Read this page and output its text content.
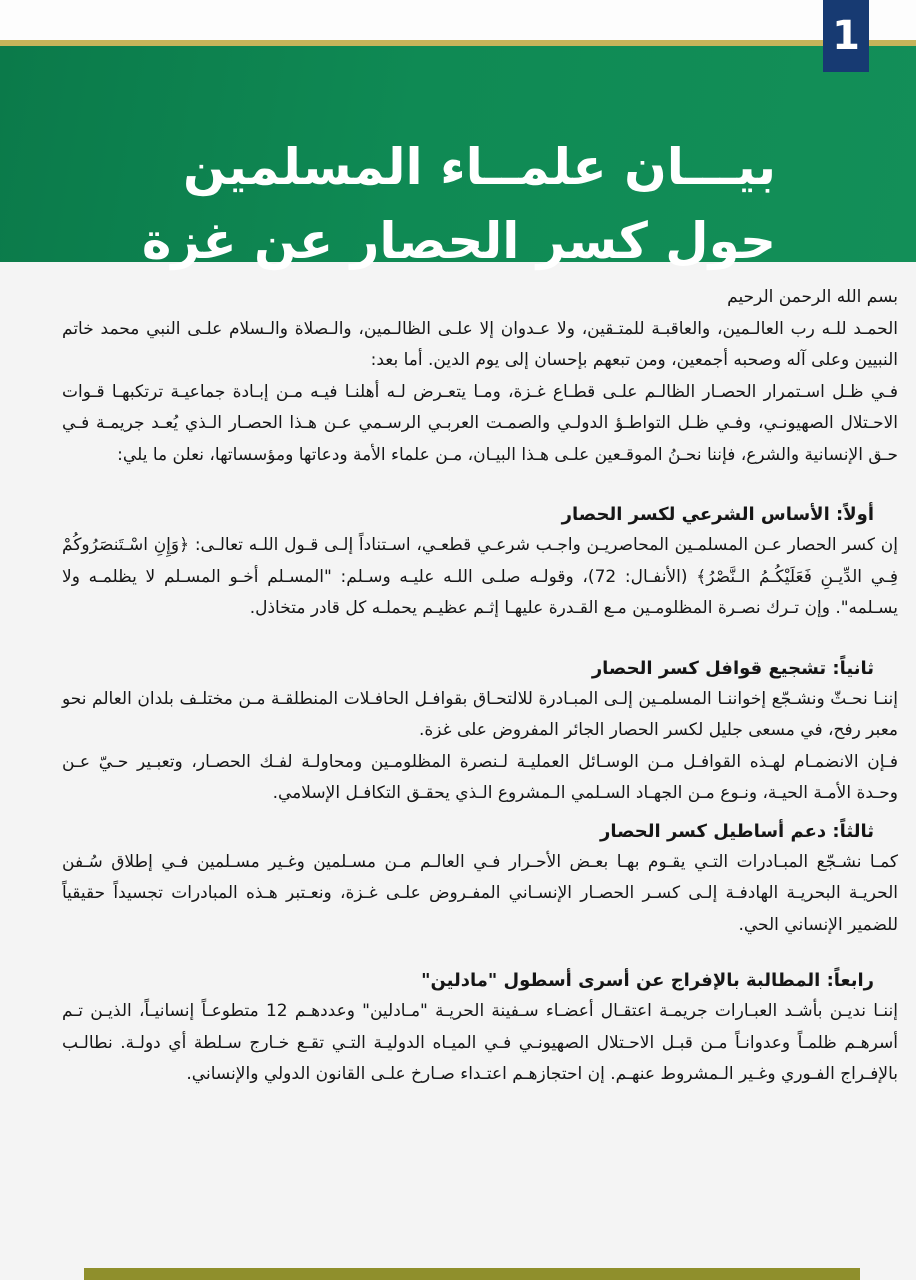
بيـــان علمــاء المسلمين
حول كسر الحصار عن غزة
1

بسم الله الرحمن الرحيم

الحمـد للـه رب العالـمين، والعاقبـة للمتـقين، ولا عـدوان إلا علـى الظالـمين، والـصلاة والـسلام علـى النبي محمد خاتم النبيين وعلى آله وصحبه أجمعين، ومن تبعهم بإحسان إلى يوم الدين. أما بعد:

فـي ظـل اسـتمرار الحصـار الظالـم علـى قطـاع غـزة، ومـا يتعـرض لـه أهلنـا فيـه مـن إبـادة جماعيـة ترتكبهـا قـوات الاحـتلال الصهيونـي، وفـي ظـل التواطـؤ الدولـي والصمـت العربـي الرسـمي عـن هـذا الحصـار الـذي يُعـد جريمـة فـي حـق الإنسانية والشرع، فإننا نحـنُ الموقـعين علـى هـذا البيـان، مـن علماء الأمة ودعاتها ومؤسساتها، نعلن ما يلي:

أولاً: الأساس الشرعي لكسر الحصار

إن كسر الحصار عـن المسلمـين المحاصريـن واجـب شرعـي قطعـي، اسـتناداً إلـى قـول اللـه تعالـى: ﴿وَإِنِ اسْـتَنصَرُوكُمْ فِـي الدِّيـنِ فَعَلَيْكُـمُ الـنَّصْرُ﴾ (الأنفـال: 72)، وقولـه صلـى اللـه عليـه وسـلم: "المسـلم أخـو المسـلم لا يظلمـه ولا يسـلمه". وإن تـرك نصـرة المظلومـين مـع القـدرة عليهـا إثـم عظيـم يحملـه كل قادر متخاذل.

ثانياً: تشجيع قوافل كسر الحصار

إننـا نحـثّ ونشـجّع إخواننـا المسلمـين إلـى المبـادرة للالتحـاق بقوافـل الحافـلات المنطلقـة مـن مختلـف بلدان العالم نحو معبر رفح، في مسعى جليل لكسر الحصار الجائر المفروض على غزة.

فـإن الانضمـام لهـذه القوافـل مـن الوسـائل العمليـة لـنصرة المظلومـين ومحاولـة لفـك الحصـار، وتعبـير حـيّ عـن وحـدة الأمـة الحيـة، ونـوع مـن الجهـاد السـلمي الـمشروع الـذي يحقـق التكافـل الإسلامي.

ثالثاً: دعم أساطيل كسر الحصار

كمـا نشـجّع المبـادرات التـي يقـوم بهـا بعـض الأحـرار فـي العالـم مـن مسـلمين وغـير مسـلمين فـي إطلاق سُـفن الحريـة البحريـة الهادفـة إلـى كسـر الحصـار الإنسـاني المفـروض علـى غـزة، ونعـتبر هـذه المبادرات تجسيداً حقيقياً للضمير الإنساني الحي.

رابعاً: المطالبة بالإفراج عن أسرى أسطول "مادلين"

إننـا نديـن بأشـد العبـارات جريمـة اعتقـال أعضـاء سـفينة الحريـة "مـادلين" وعددهـم 12 متطوعـاً إنسانيـاً، الذيـن تـم أسرهـم ظلمـاً وعدوانـاً مـن قبـل الاحـتلال الصهيونـي فـي الميـاه الدوليـة التـي تقـع خـارج سـلطة أي دولـة. نطالـب بالإفـراج الفـوري وغـير الـمشروط عنهـم. إن احتجازهـم اعتـداء صـارخ علـى القانون الدولي والإنساني.
